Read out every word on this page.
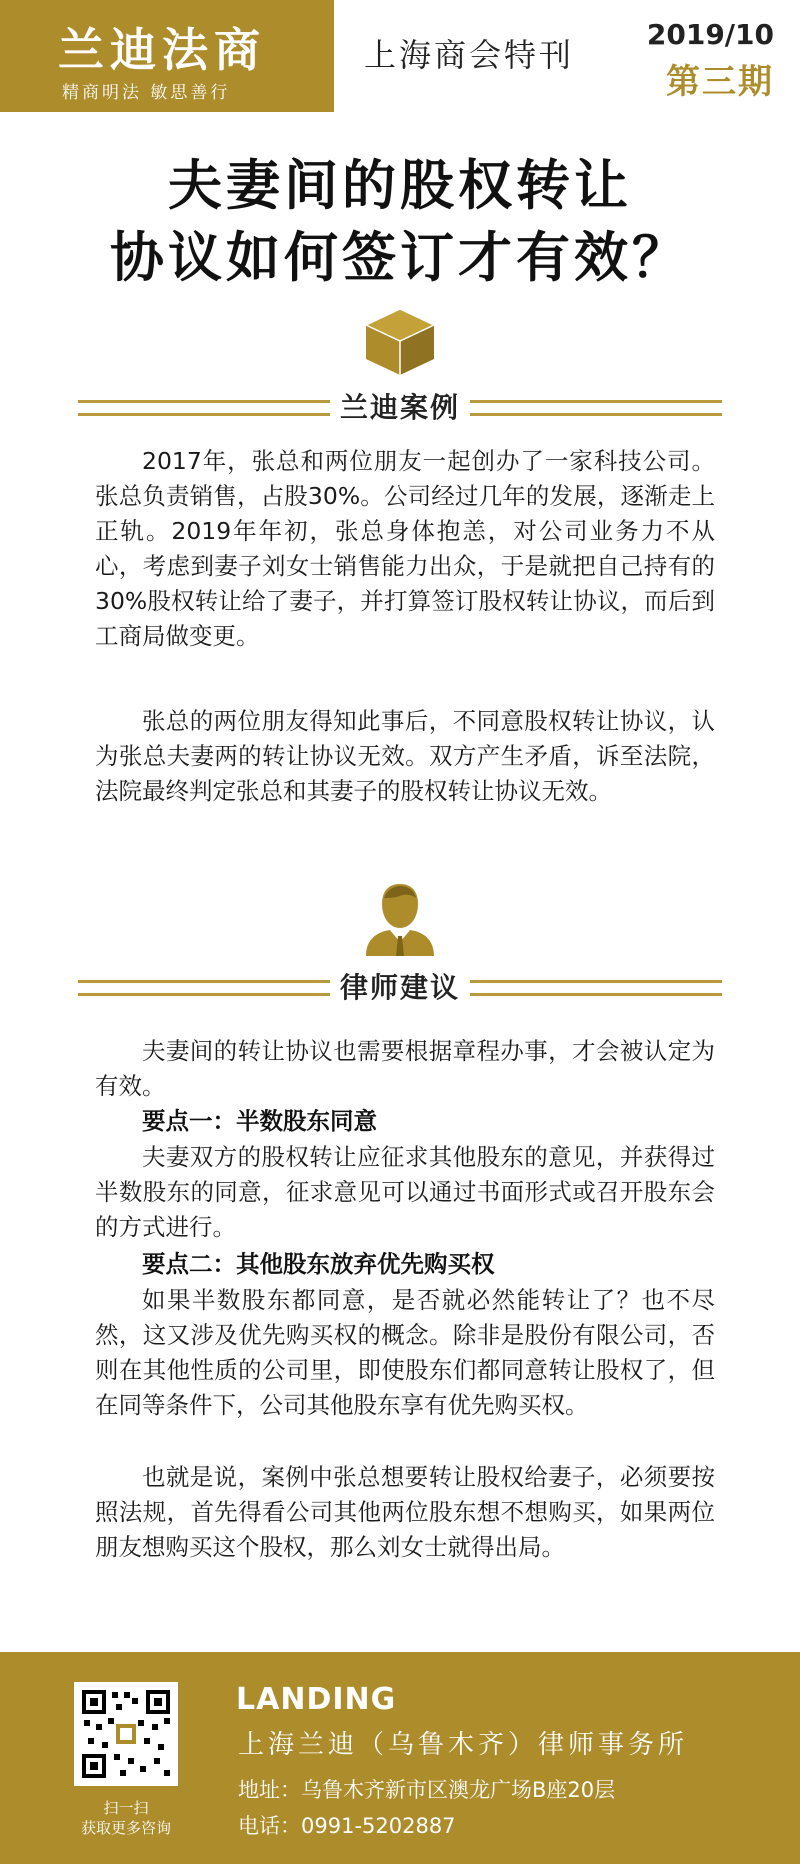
兰迪法商
精商明法 敏思善行
上海商会特刊
2019/10
第三期
夫妻间的股权转让
协议如何签订才有效？
兰迪案例
2017年，张总和两位朋友一起创办了一家科技公司。张总负责销售，占股30%。公司经过几年的发展，逐渐走上正轨。2019年年初，张总身体抱恙，对公司业务力不从心，考虑到妻子刘女士销售能力出众，于是就把自己持有的30%股权转让给了妻子，并打算签订股权转让协议，而后到工商局做变更。
张总的两位朋友得知此事后，不同意股权转让协议，认为张总夫妻两的转让协议无效。双方产生矛盾，诉至法院，法院最终判定张总和其妻子的股权转让协议无效。
律师建议
夫妻间的转让协议也需要根据章程办事，才会被认定为有效。
要点一：半数股东同意
夫妻双方的股权转让应征求其他股东的意见，并获得过半数股东的同意，征求意见可以通过书面形式或召开股东会的方式进行。
要点二：其他股东放弃优先购买权
如果半数股东都同意，是否就必然能转让了？也不尽然，这又涉及优先购买权的概念。除非是股份有限公司，否则在其他性质的公司里，即使股东们都同意转让股权了，但在同等条件下，公司其他股东享有优先购买权。
也就是说，案例中张总想要转让股权给妻子，必须要按照法规，首先得看公司其他两位股东想不想购买，如果两位朋友想购买这个股权，那么刘女士就得出局。
扫一扫
获取更多咨询
LANDING
上海兰迪（乌鲁木齐）律师事务所
地址：乌鲁木齐新市区澳龙广场B座20层
电话：0991-5202887
